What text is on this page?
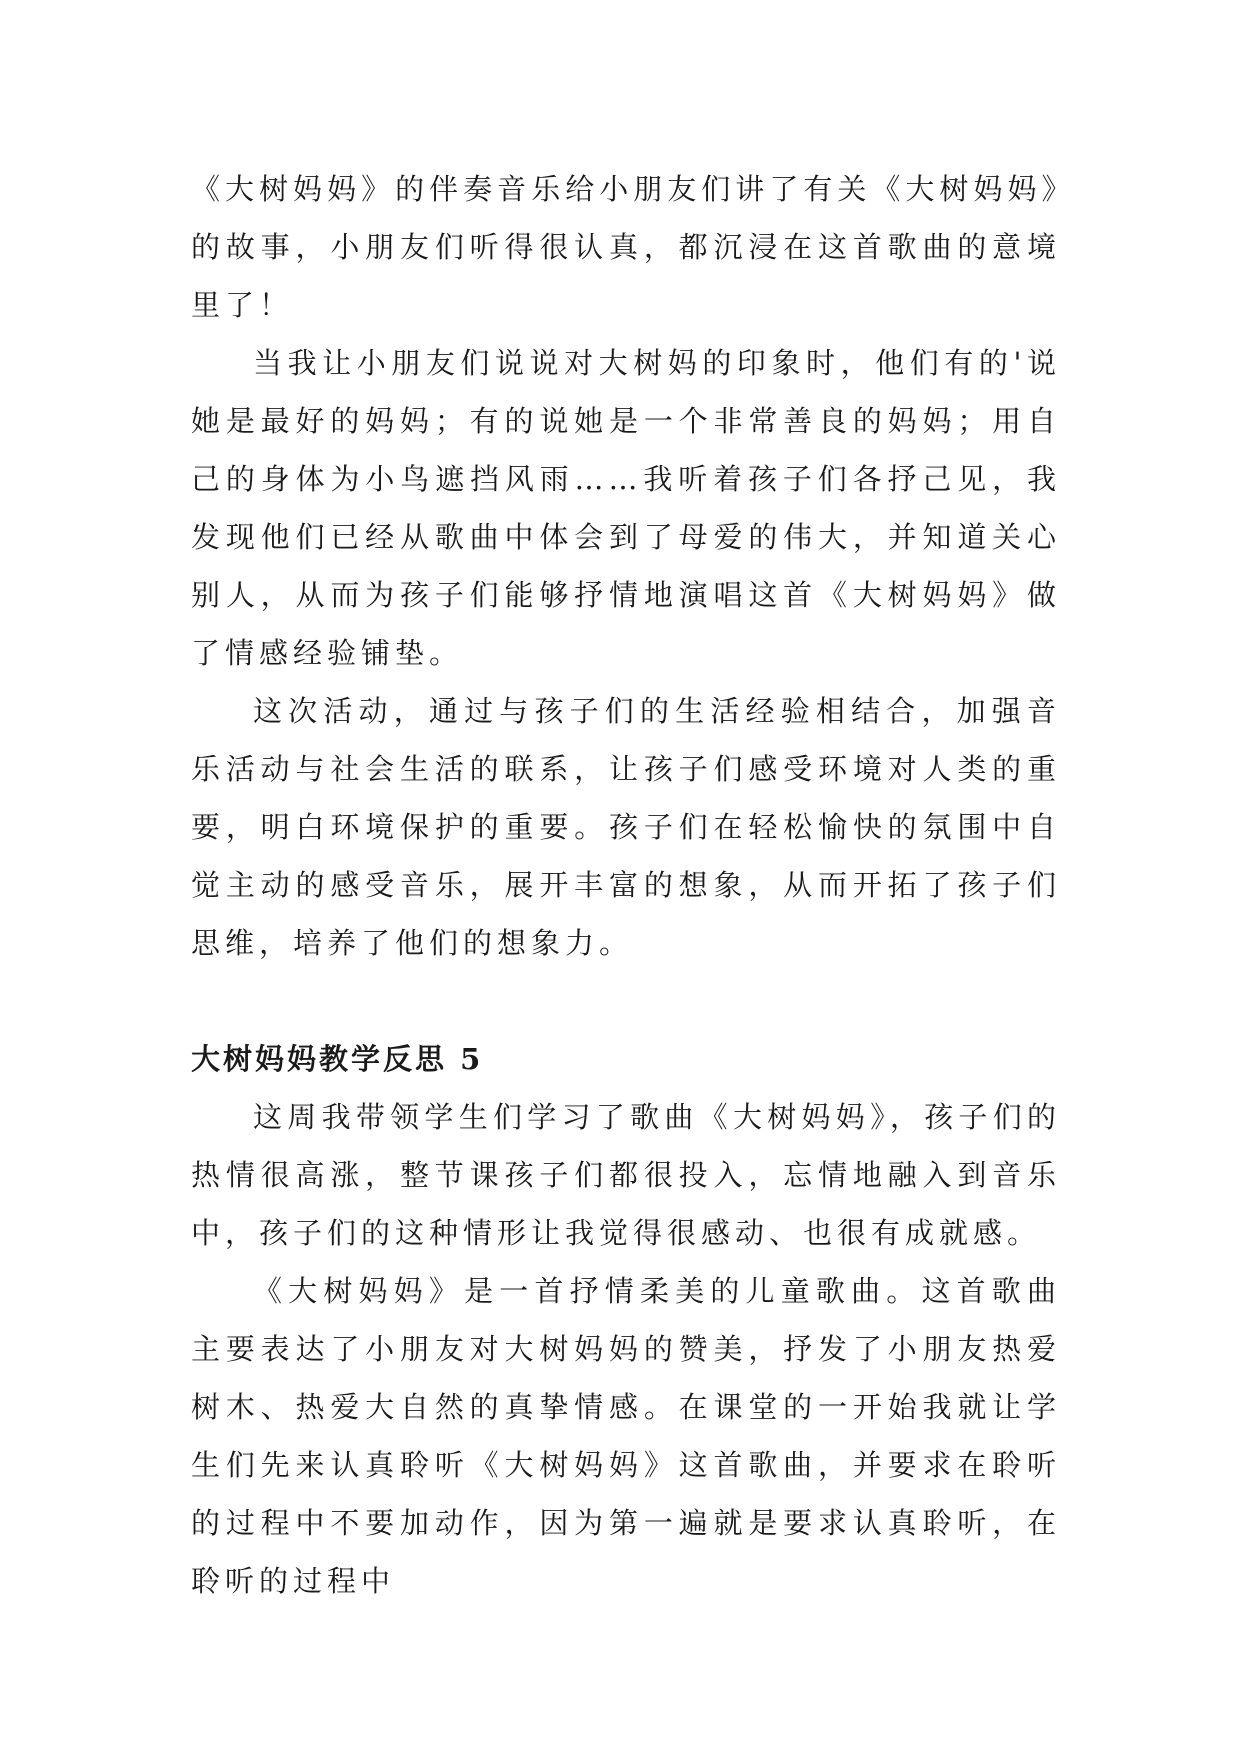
《大树妈妈》的伴奏音乐给小朋友们讲了有关《大树妈妈》的故事，小朋友们听得很认真，都沉浸在这首歌曲的意境里了！

当我让小朋友们说说对大树妈的印象时，他们有的'说她是最好的妈妈；有的说她是一个非常善良的妈妈；用自己的身体为小鸟遮挡风雨……我听着孩子们各抒己见，我发现他们已经从歌曲中体会到了母爱的伟大，并知道关心别人，从而为孩子们能够抒情地演唱这首《大树妈妈》做了情感经验铺垫。

这次活动，通过与孩子们的生活经验相结合，加强音乐活动与社会生活的联系，让孩子们感受环境对人类的重要，明白环境保护的重要。孩子们在轻松愉快的氛围中自觉主动的感受音乐，展开丰富的想象，从而开拓了孩子们思维，培养了他们的想象力。

大树妈妈教学反思 5

这周我带领学生们学习了歌曲《大树妈妈》，孩子们的热情很高涨，整节课孩子们都很投入，忘情地融入到音乐中，孩子们的这种情形让我觉得很感动、也很有成就感。

《大树妈妈》是一首抒情柔美的儿童歌曲。这首歌曲主要表达了小朋友对大树妈妈的赞美，抒发了小朋友热爱树木、热爱大自然的真挚情感。在课堂的一开始我就让学生们先来认真聆听《大树妈妈》这首歌曲，并要求在聆听的过程中不要加动作，因为第一遍就是要求认真聆听，在聆听的过程中
